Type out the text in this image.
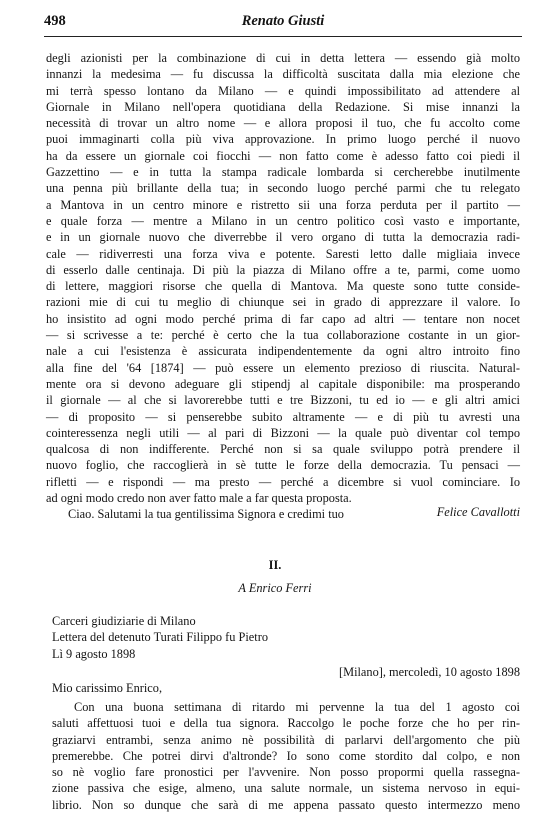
498	Renato Giusti
degli azionisti per la combinazione di cui in detta lettera — essendo già molto
innanzi la medesima — fu discussa la difficoltà suscitata dalla mia elezione che
mi terrà spesso lontano da Milano — e quindi impossibilitato ad attendere al
Giornale in Milano nell'opera quotidiana della Redazione. Si mise innanzi la
necessità di trovar un altro nome — e allora proposi il tuo, che fu accolto come
puoi immaginarti colla più viva approvazione. In primo luogo perché il nuovo
ha da essere un giornale coi fiocchi — non fatto come è adesso fatto coi piedi il
Gazzettino — e in tutta la stampa radicale lombarda si cercherebbe inutilmente
una penna più brillante della tua; in secondo luogo perché parmi che tu relegato
a Mantova in un centro minore e ristretto sii una forza perduta per il partito —
e quale forza — mentre a Milano in un centro politico così vasto e importante,
e in un giornale nuovo che diverrebbe il vero organo di tutta la democrazia radi-
cale — ridiverresti una forza viva e potente. Saresti letto dalle migliaia invece
di esserlo dalle centinaja. Di più la piazza di Milano offre a te, parmi, come uomo
di lettere, maggiori risorse che quella di Mantova. Ma queste sono tutte conside-
razioni mie di cui tu meglio di chiunque sei in grado di apprezzare il valore. Io
ho insistito ad ogni modo perché prima di far capo ad altri — tentare non nocet
— si scrivesse a te: perché è certo che la tua collaborazione costante in un gior-
nale a cui l'esistenza è assicurata indipendentemente da ogni altro introito fino
alla fine del '64 [1874] — può essere un elemento prezioso di riuscita. Natural-
mente ora si devono adeguare gli stipendj al capitale disponibile: ma prosperando
il giornale — al che si lavorerebbe tutti e tre Bizzoni, tu ed io — e gli altri amici
— di proposito — si penserebbe subito altramente — e di più tu avresti una
cointeressenza negli utili — al pari di Bizzoni — la quale può diventar col tempo
qualcosa di non indifferente. Perché non si sa quale sviluppo potrà prendere il
nuovo foglio, che raccoglierà in sè tutte le forze della democrazia. Tu pensaci —
rifletti — e rispondi — ma presto — perché a dicembre si vuol cominciare. Io
ad ogni modo credo non aver fatto male a far questa proposta.
Ciao. Salutami la tua gentilissima Signora e credimi tuo	Felice Cavallotti
II.
A Enrico Ferri
Carceri giudiziarie di Milano
Lettera del detenuto Turati Filippo fu Pietro
Lì 9 agosto 1898
[Milano], mercoledì, 10 agosto 1898
Mio carissimo Enrico,
Con una buona settimana di ritardo mi pervenne la tua del 1 agosto coi
saluti affettuosi tuoi e della tua signora. Raccolgo le poche forze che ho per rin-
graziarvi entrambi, senza animo nè possibilità di parlarvi dell'argomento che più
premerebbe. Che potrei dirvi d'altronde? Io sono come stordito dal colpo, e non
so nè voglio fare pronostici per l'avvenire. Non posso propormi quella rassegna-
zione passiva che esige, almeno, una salute normale, un sistema nervoso in equi-
librio. Non so dunque che sarà di me appena passato questo intermezzo meno
